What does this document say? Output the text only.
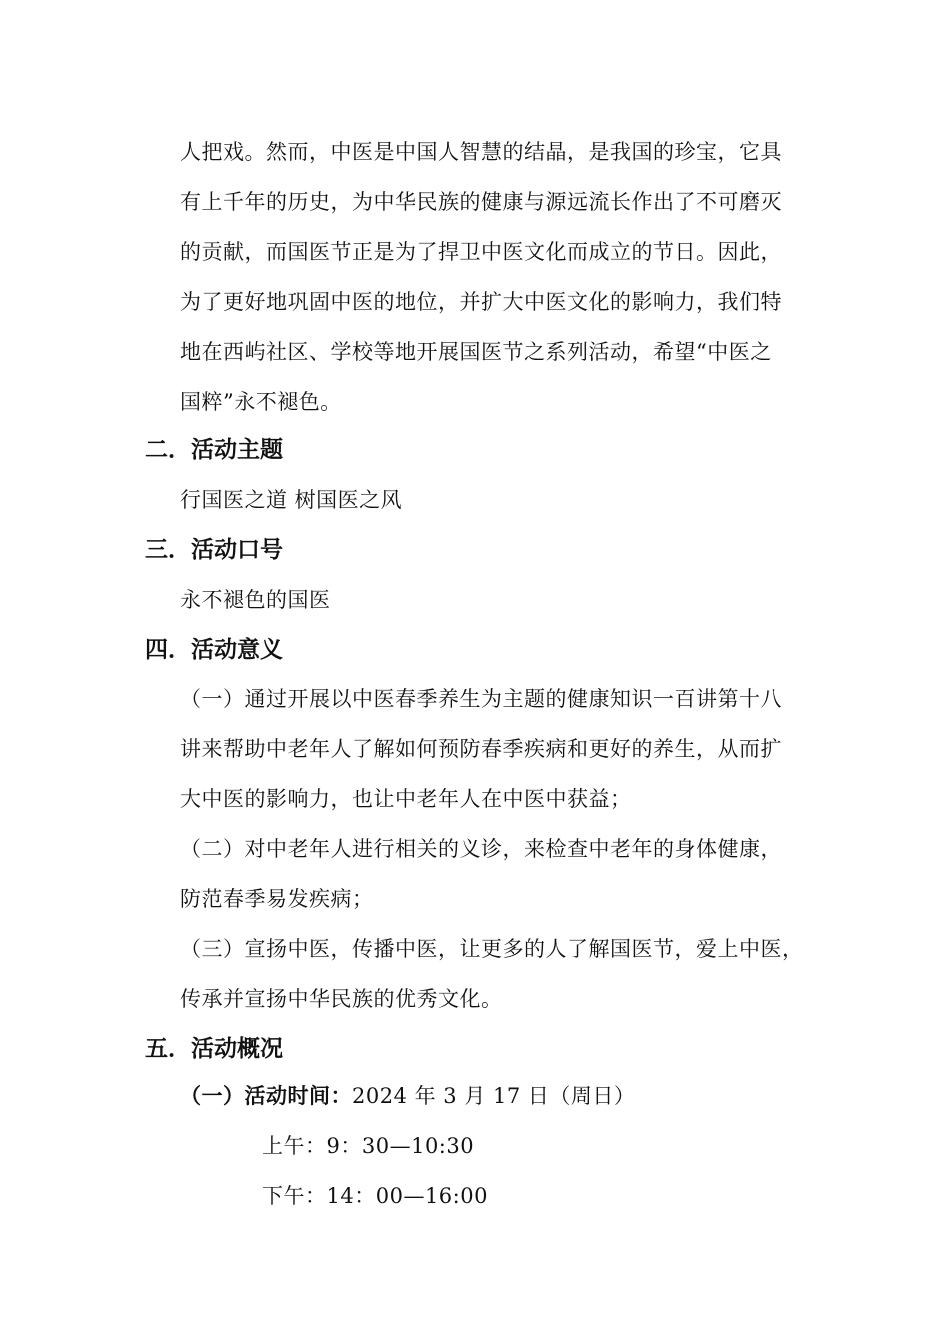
人把戏。然而，中医是中国人智慧的结晶，是我国的珍宝，它具
有上千年的历史，为中华民族的健康与源远流长作出了不可磨灭
的贡献，而国医节正是为了捍卫中医文化而成立的节日。因此，
为了更好地巩固中医的地位，并扩大中医文化的影响力，我们特
地在西屿社区、学校等地开展国医节之系列活动，希望“中医之
国粹”永不褪色。
二．活动主题
行国医之道 树国医之风
三．活动口号
永不褪色的国医
四．活动意义
（一）通过开展以中医春季养生为主题的健康知识一百讲第十八
讲来帮助中老年人了解如何预防春季疾病和更好的养生，从而扩
大中医的影响力，也让中老年人在中医中获益；
（二）对中老年人进行相关的义诊，来检查中老年的身体健康，
防范春季易发疾病；
（三）宣扬中医，传播中医，让更多的人了解国医节，爱上中医，
传承并宣扬中华民族的优秀文化。
五．活动概况
（一）活动时间：2024 年 3 月 17 日（周日）
上午：9：30—10:30
下午：14：00—16:00
